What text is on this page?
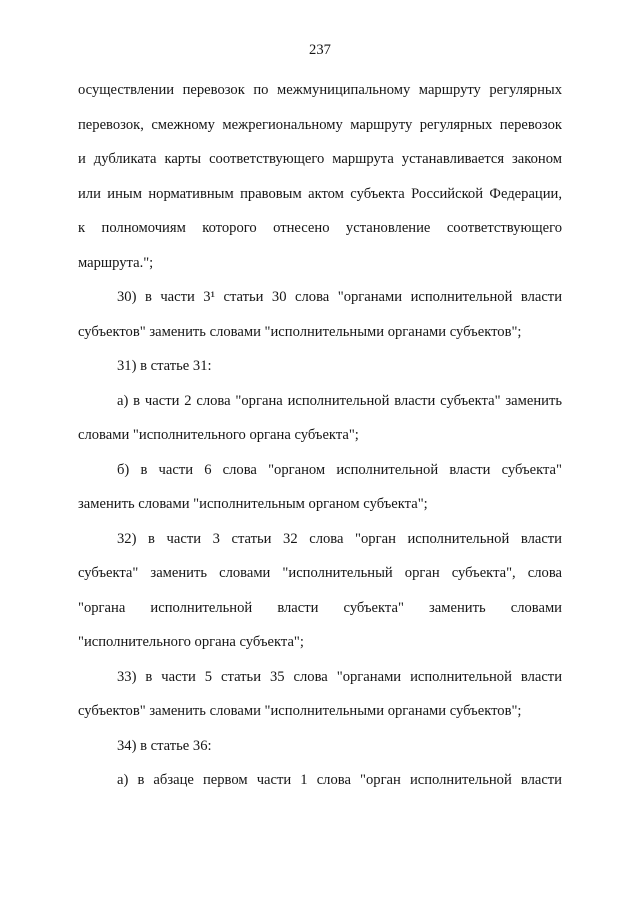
237
осуществлении перевозок по межмуниципальному маршруту регулярных
перевозок, смежному межрегиональному маршруту регулярных перевозок
и дубликата карты соответствующего маршрута устанавливается законом
или иным нормативным правовым актом субъекта Российской Федерации,
к полномочиям которого отнесено установление соответствующего
маршрута.";
30) в части 3¹ статьи 30 слова "органами исполнительной власти
субъектов" заменить словами "исполнительными органами субъектов";
31) в статье 31:
а) в части 2 слова "органа исполнительной власти субъекта" заменить
словами "исполнительного органа субъекта";
б) в части 6 слова "органом исполнительной власти субъекта"
заменить словами "исполнительным органом субъекта";
32) в части 3 статьи 32 слова "орган исполнительной власти
субъекта" заменить словами "исполнительный орган субъекта", слова
"органа исполнительной власти субъекта" заменить словами
"исполнительного органа субъекта";
33) в части 5 статьи 35 слова "органами исполнительной власти
субъектов" заменить словами "исполнительными органами субъектов";
34) в статье 36:
а) в абзаце первом части 1 слова "орган исполнительной власти
